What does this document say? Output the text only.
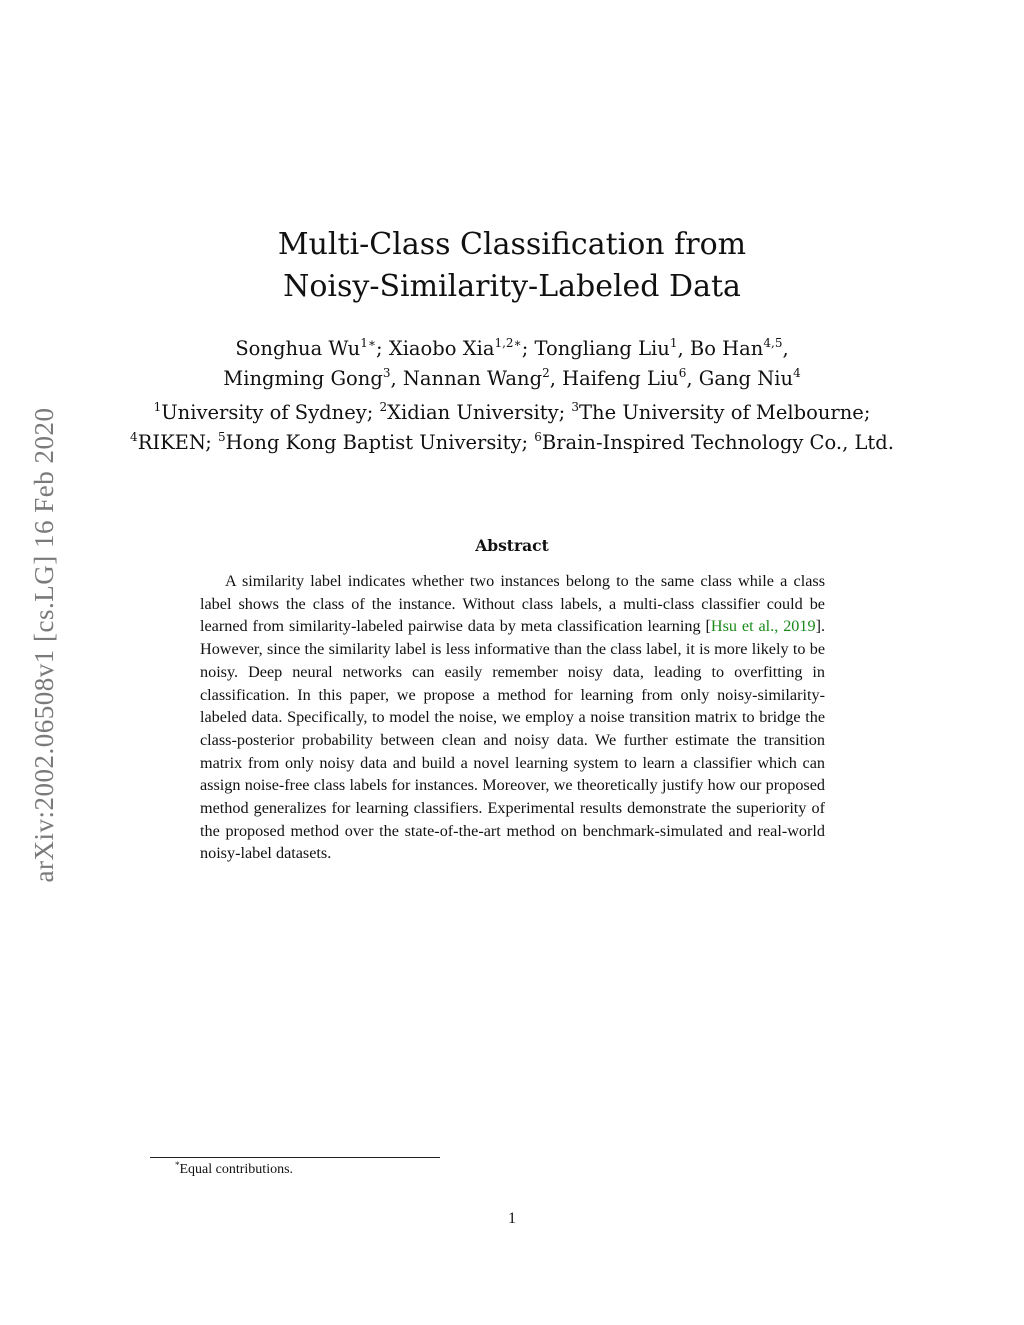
arXiv:2002.06508v1 [cs.LG] 16 Feb 2020
Multi-Class Classification from
Noisy-Similarity-Labeled Data
Songhua $Wu^{1∗}$; Xiaobo Xia$^{1,2∗}$; Tongliang Liu$^1$, Bo Han$^{4,5}$,
Mingming Gong$^3$, Nannan Wang$^2$, Haifeng Liu$^6$, Gang Niu$^4$
$^1$University of Sydney; $^2$Xidian University; $^3$The University of Melbourne;
$^4$RIKEN; $^5$Hong Kong Baptist University; $^6$Brain-Inspired Technology Co., Ltd.
Abstract
A similarity label indicates whether two instances belong to the same class while a class label shows the class of the instance. Without class labels, a multi-class classifier could be learned from similarity-labeled pairwise data by meta classification learning [Hsu et al., 2019]. However, since the similarity label is less informative than the class label, it is more likely to be noisy. Deep neural networks can easily remember noisy data, leading to overfitting in classification. In this paper, we propose a method for learning from only noisy-similarity-labeled data. Specifically, to model the noise, we employ a noise transition matrix to bridge the class-posterior probability between clean and noisy data. We further estimate the transition matrix from only noisy data and build a novel learning system to learn a classifier which can assign noise-free class labels for instances. Moreover, we theoretically justify how our proposed method generalizes for learning classifiers. Experimental results demonstrate the superiority of the proposed method over the state-of-the-art method on benchmark-simulated and real-world noisy-label datasets.
*Equal contributions.
1
